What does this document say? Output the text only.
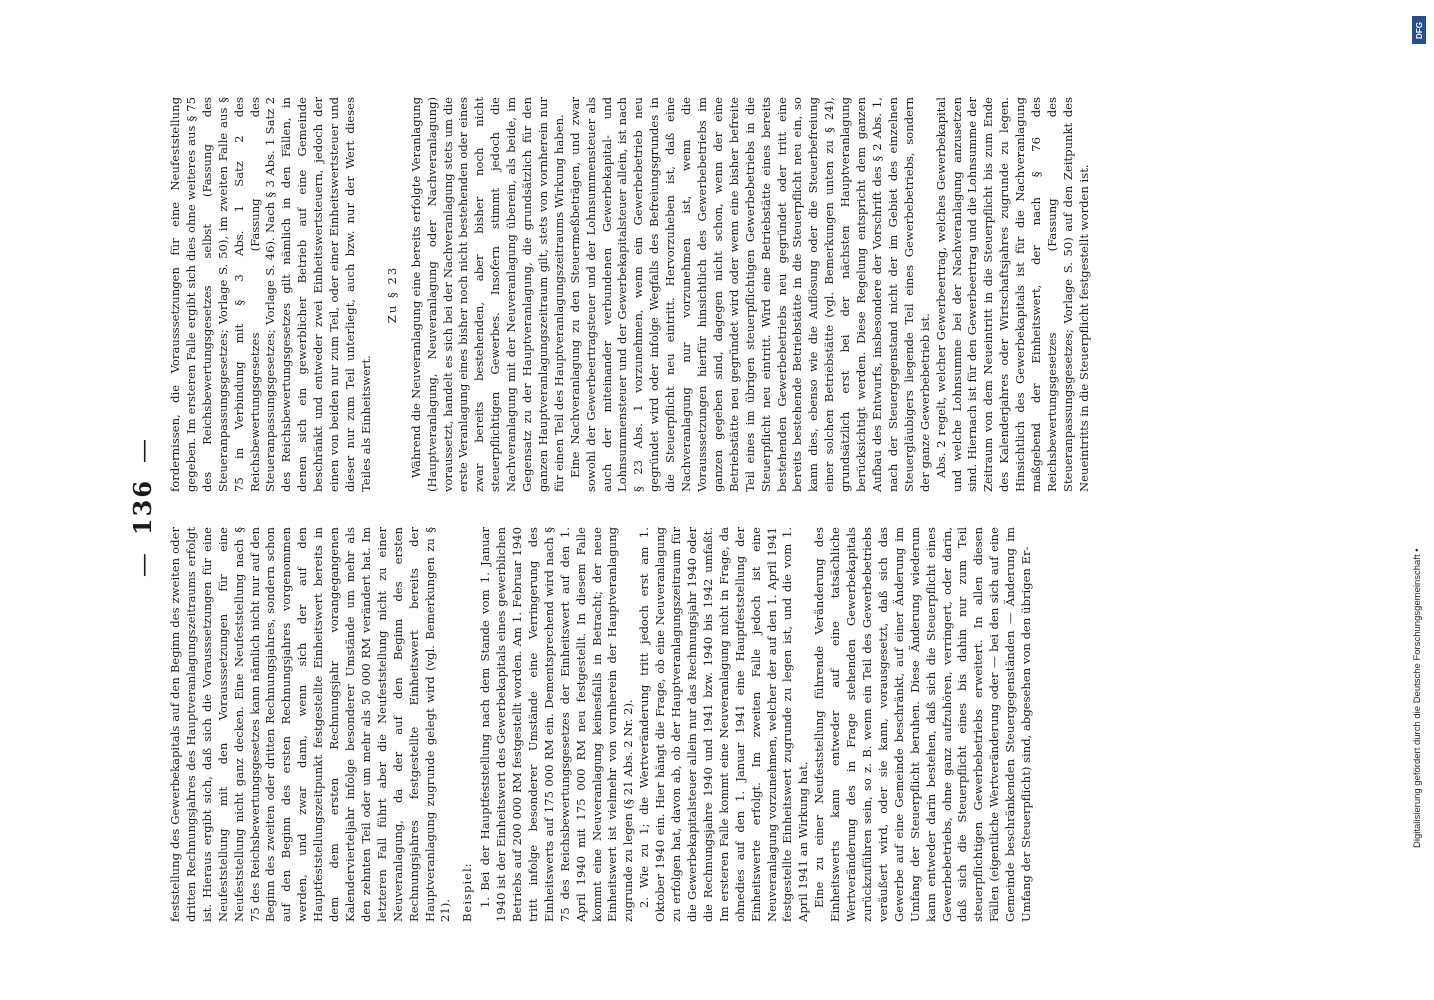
—136—

feststellung des Gewerbekapitals auf den Beginn des zweiten oder dritten Rechnungsjahres des Hauptveranlagungszeitraums erfolgt ist. Hieraus ergibt sich, daß sich die Vorausssetzungen für eine Neufeststellung mit den Vorausssetzungen für eine Neufeststellung nicht ganz decken. Eine Neufeststellung nach § 75 des Reichsbewertungsgesetzes kann nämlich nicht nur auf den Beginn des zweiten oder dritten Rechnungsjahres, sondern schon auf den Beginn des ersten Rechnungsjahres vorgenommen werden, und zwar dann, wenn sich der auf den Hauptfeststellungszeitpunkt festgestellte Einheitswert bereits in dem dem ersten Rechnungsjahr vorangegangenen Kalendervierteljahr infolge besonderer Umstände um mehr als den zehnten Teil oder um mehr als 50 000 RM verändert hat. Im letzteren Fall führt aber die Neufeststellung nicht zu einer Neuveranlagung, da der auf den Beginn des ersten Rechnungsjahres festgestellte Einheitswert bereits der Hauptveranlagung zugrunde gelegt wird (vgl. Bemerkungen zu § 21). Beispiel: 1. Bei der Hauptfeststellung nach dem Stande vom 1. Januar 1940 ist der Einheitswert des Gewerbekapitals eines gewerblichen Betriebs auf 200 000 RM festgestellt worden. Am 1. Februar 1940 tritt infolge besonderer Umstände eine Verringerung des Einheitswerts auf 175 000 RM ein. Dementsprechend wird nach § 75 des Reichsbewertungsgesetzes der Einheitswert auf den 1. April 1940 mit 175 000 RM neu festgestellt. In diesem Falle kommt eine Neuveranlagung keinesfalls in Betracht; der neue Einheitswert ist vielmehr von vornherein der Hauptveranlagung zugrunde zu legen (§ 21 Abs. 2 Nr. 2). 2. Wie zu 1; die Wertveränderung tritt jedoch erst am 1. Oktober 1940 ein. Hier hängt die Frage, ob eine Neuveranlagung zu erfolgen hat, davon ab, ob der Hauptveranlagungszeitraum für die Gewerbekapitalsteuer allein nur das Rechnungsjahr 1940 oder die Rechnungsjahre 1940 und 1941 bzw. 1940 bis 1942 umfaßt. Im ersteren Falle kommt eine Neuveranlagung nicht in Frage, da ohnedies auf den 1. Januar 1941 eine Hauptfeststellung der Einheitswerte erfolgt. Im zweiten Falle jedoch ist eine Neuveranlagung vorzunehmen, welcher der auf den 1. April 1941 festgestellte Einheitswert zugrunde zu legen ist, und die vom 1. April 1941 an Wirkung hat. Eine zu einer Neufeststellung führende Veränderung des Einheitswerts kann entweder auf eine tatsächliche Wertveränderung des in Frage stehenden Gewerbekapitals zurückzuführen sein, so z. B. wenn ein Teil des Gewerbebetriebs veräußert wird, oder sie kann, vorausgesetzt, daß sich das Gewerbe auf eine Gemeinde beschränkt, auf einer Änderung im Umfang der Steuerpflicht beruhen. Diese Änderung wiederum kann entweder darin bestehen, daß sich die Steuerpflicht eines Gewerbebetriebs, ohne ganz aufzuhören, verringert, oder darin, daß sich die Steuerpflicht eines bis dahin nur zum Teil steuerpflichtigen Gewerbebetriebs erweitert. In allen diesen Fällen (eigentliche Wertveränderung oder — bei den sich auf eine Gemeinde beschränkenden Steuergegenständen — Änderung im Umfang der Steuerpflicht) sind, abgesehen von den übrigen Er-

fordernissen, die Vorausssetzungen für eine Neufeststellung gegeben. Im ersteren Falle ergibt sich dies ohne weiteres aus § 75 des Reichsbewertungsgesetzes selbst (Fassung des Steueranpassungsgesetzes; Vorlage S. 50), im zweiten Falle aus § 75 in Verbindung mit § 3 Abs. 1 Satz 2 des Reichsbewertungsgesetzes (Fassung des Steueranpassungsgesetzes; Vorlage S. 46). Nach § 3 Abs. 1 Satz 2 des Reichsbewertungsgesetzes gilt nämlich in den Fällen, in denen sich ein gewerblicher Betrieb auf eine Gemeinde beschränkt und entweder zwei Einheitswertsteuern, jedoch der einen von beiden nur zum Teil, oder einer Einheitswertsteuer und dieser nur zum Teil unterliegt, auch bzw. nur der Wert dieses Teiles als Einheitswert.

Zu § 23 Während die Neuveranlagung eine bereits erfolgte Veranlagung (Hauptveranlagung, Neuveranlagung oder Nachveranlagung) voraussetzt, handelt es sich bei der Nachveranlagung stets um die erste Veranlagung eines bisher noch nicht bestehenden oder eines zwar bereits bestehenden, aber bisher noch nicht steuerpflichtigen Gewerbes. Insofern stimmt jedoch die Nachveranlagung mit der Neuveranlagung überein, als beide, im Gegensatz zu der Hauptveranlagung, die grundsätzlich für den ganzen Hauptveranlagungszeitraum gilt, stets von vornherein nur für einen Teil des Hauptveranlagungszeitraums Wirkung haben. Eine Nachveranlagung zu den Steuermeßbeträgen, und zwar sowohl der Gewerbeertragsteuer und der Lohnsummensteuer als auch der miteinander verbundenen Gewerbekapital- und Lohnsummensteuer und der Gewerbekapitalsteuer allein, ist nach § 23 Abs. 1 vorzunehmen, wenn ein Gewerbebetrieb neu gegründet wird oder infolge Wegfalls des Befreiungsgrundes in die Steuerpflicht neu eintritt. Hervorzuheben ist, daß eine Nachveranlagung nur vorzunehmen ist, wenn die Vorausssetzungen hierfür hinsichtlich des Gewerbebetriebs im ganzen gegeben sind, dagegen nicht schon, wenn der eine Betriebstätte neu gegründet wird oder wenn eine bisher befreite Teil eines im übrigen steuerpflichtigen Gewerbebetriebs in die Steuerpflicht neu eintritt. Wird eine Betriebstätte eines bereits bestehenden Gewerbebetriebs neu gegründet oder tritt eine bereits bestehende Betriebstätte in die Steuerpflicht neu ein, so kann dies, ebenso wie die Auflösung oder die Steuerbefreiung einer solchen Betriebstätte (vgl. Bemerkungen unten zu § 24), grundsätzlich erst bei der nächsten Hauptveranlagung berücksichtigt werden. Diese Regelung entspricht dem ganzen Aufbau des Entwurfs, insbesondere der Vorschrift des § 2 Abs. 1, nach der Steuergegenstand nicht der im Gebiet des einzelnen Steuergläubigers liegende Teil eines Gewerbebetriebs, sondern der ganze Gewerbebetrieb ist. Abs. 2 regelt, welcher Gewerbeertrag, welches Gewerbekapital und welche Lohnsumme bei der Nachveranlagung anzusetzen sind. Hiernach ist für den Gewerbeertrag und die Lohnsumme der Zeitraum von dem Neueintritt in die Steuerpflicht bis zum Ende des Kalenderjahres oder Wirtschaftsjahres zugrunde zu legen. Hinsichtlich des Gewerbekapitals ist für die Nachveranlagung maßgebend der Einheitswert, der nach § 76 des Reichsbewertungsgesetzes (Fassung des Steueranpassungsgesetzes; Vorlage S. 50) auf den Zeitpunkt des Neueintritts in die Steuerpflicht festgestellt worden ist.

DFG
Digitalisierung gefördert durch die Deutsche Forschungsgemeinschaft •
